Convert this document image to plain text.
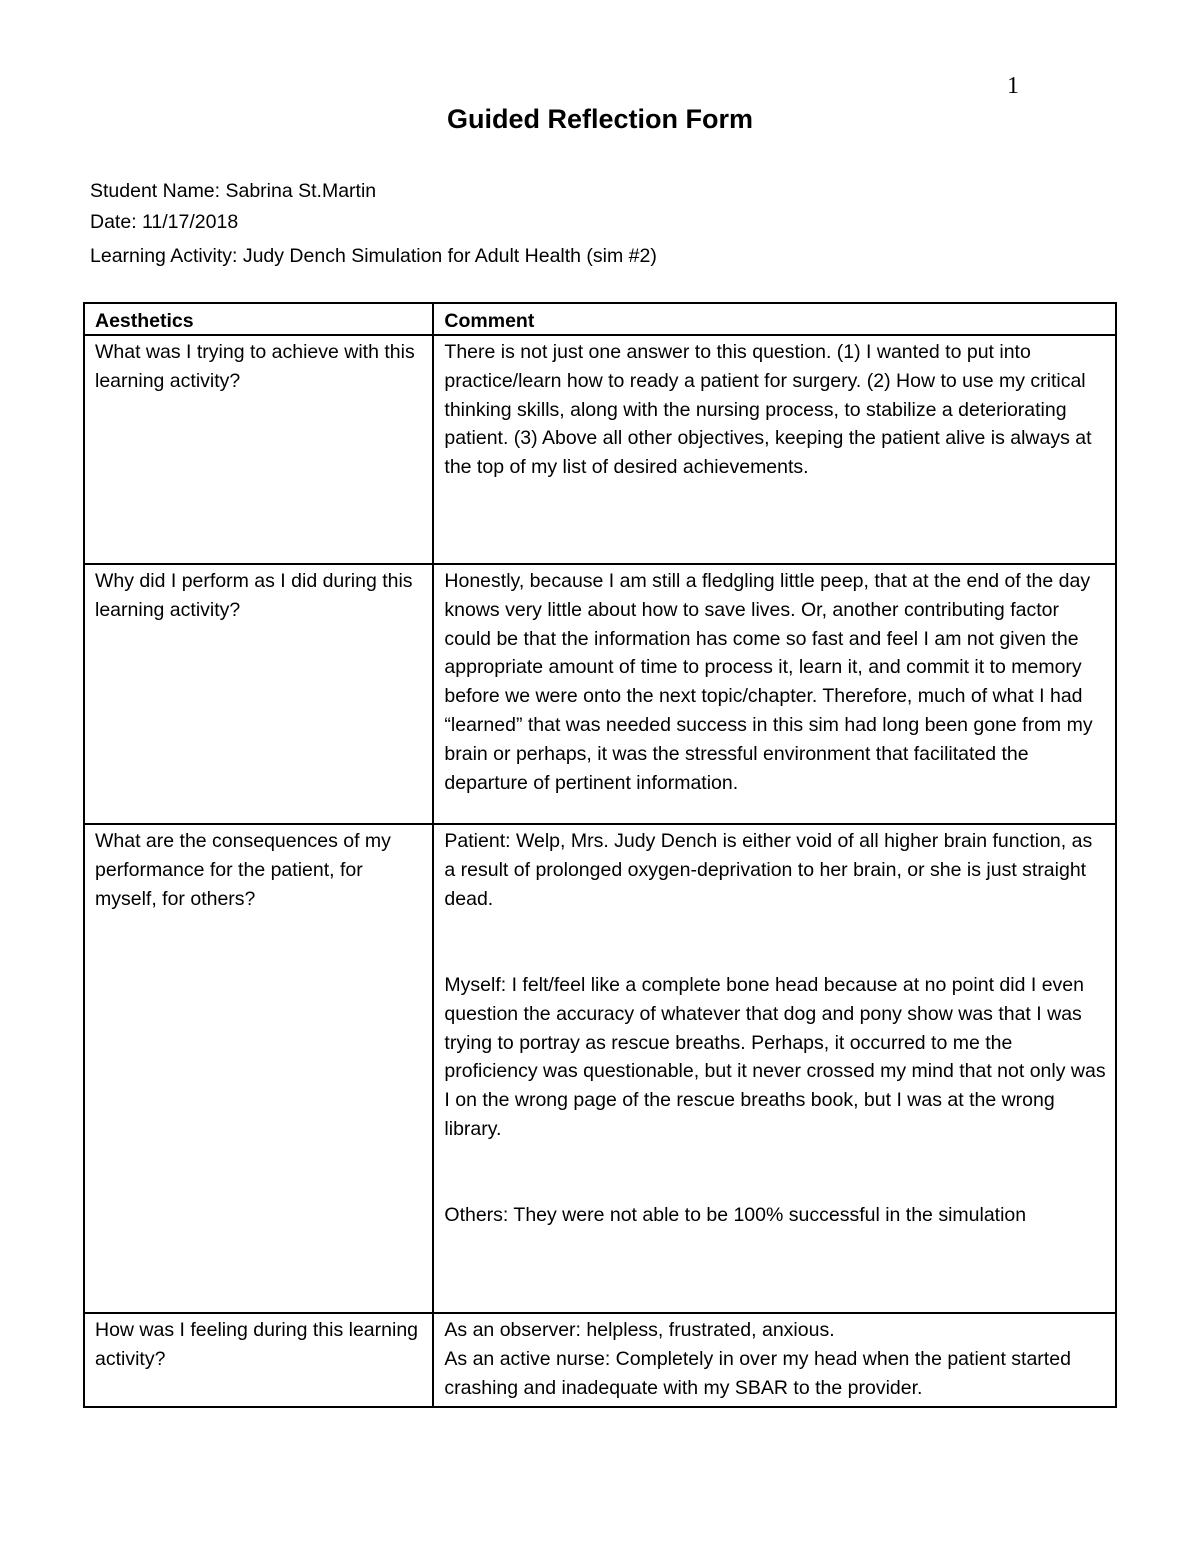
1
Guided Reflection Form
Student Name: Sabrina St.Martin
Date: 11/17/2018
Learning Activity: Judy Dench Simulation for Adult Health (sim #2)
Aesthetics	Comment
What was I trying to achieve with this learning activity?	There is not just one answer to this question. (1) I wanted to put into practice/learn how to ready a patient for surgery. (2) How to use my critical thinking skills, along with the nursing process, to stabilize a deteriorating patient. (3) Above all other objectives, keeping the patient alive is always at the top of my list of desired achievements.
Why did I perform as I did during this learning activity?	Honestly, because I am still a fledgling little peep, that at the end of the day knows very little about how to save lives. Or, another contributing factor could be that the information has come so fast and feel I am not given the appropriate amount of time to process it, learn it, and commit it to memory before we were onto the next topic/chapter. Therefore, much of what I had “learned” that was needed success in this sim had long been gone from my brain or perhaps, it was the stressful environment that facilitated the departure of pertinent information.
What are the consequences of my performance for the patient, for myself, for others?	Patient: Welp, Mrs. Judy Dench is either void of all higher brain function, as a result of prolonged oxygen-deprivation to her brain, or she is just straight dead.
Myself: I felt/feel like a complete bone head because at no point did I even question the accuracy of whatever that dog and pony show was that I was trying to portray as rescue breaths. Perhaps, it occurred to me the proficiency was questionable, but it never crossed my mind that not only was I on the wrong page of the rescue breaths book, but I was at the wrong library.
Others: They were not able to be 100% successful in the simulation

How was I feeling during this learning activity?	As an observer: helpless, frustrated, anxious.
As an active nurse: Completely in over my head when the patient started crashing and inadequate with my SBAR to the provider.
